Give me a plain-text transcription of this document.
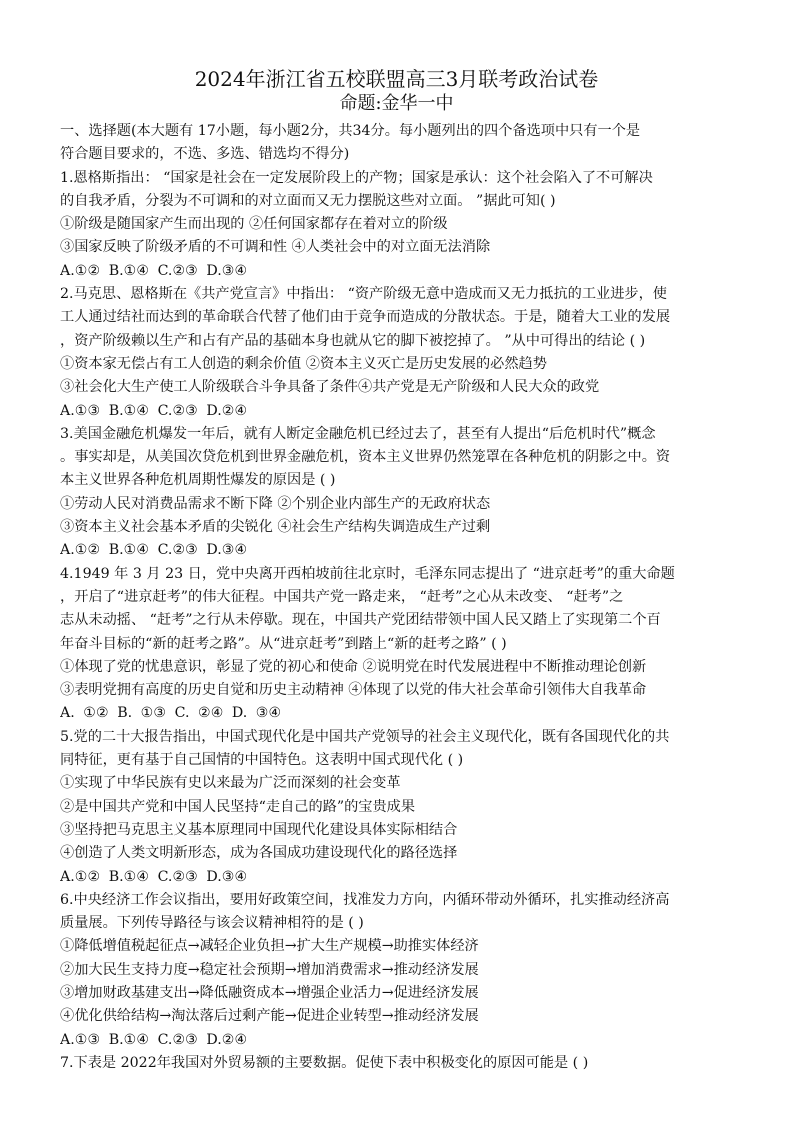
2024年浙江省五校联盟高三3月联考政治试卷
命题:金华一中

一、选择题(本大题有 17小题，每小题2分，共34分。每小题列出的四个备选项中只有一个是

符合题目要求的，不选、多选、错选均不得分)

1.恩格斯指出： “国家是社会在一定发展阶段上的产物；国家是承认：这个社会陷入了不可解决

的自我矛盾，分裂为不可调和的对立面而又无力摆脱这些对立面。 ”据此可知( )

①阶级是随国家产生而出现的 ②任何国家都存在着对立的阶级

③国家反映了阶级矛盾的不可调和性 ④人类社会中的对立面无法消除

A.①② B.①④ C.②③ D.③④

2.马克思、恩格斯在《共产党宣言》中指出： “资产阶级无意中造成而又无力抵抗的工业进步，使

工人通过结社而达到的革命联合代替了他们由于竞争而造成的分散状态。于是，随着大工业的发展

，资产阶级赖以生产和占有产品的基础本身也就从它的脚下被挖掉了。 ”从中可得出的结论 ( )

①资本家无偿占有工人创造的剩余价值 ②资本主义灭亡是历史发展的必然趋势

③社会化大生产使工人阶级联合斗争具备了条件④共产党是无产阶级和人民大众的政党

A.①③ B.①④ C.②③ D.②④

3.美国金融危机爆发一年后，就有人断定金融危机已经过去了，甚至有人提出“后危机时代”概念

。事实却是，从美国次贷危机到世界金融危机，资本主义世界仍然笼罩在各种危机的阴影之中。资

本主义世界各种危机周期性爆发的原因是 ( )

①劳动人民对消费品需求不断下降 ②个别企业内部生产的无政府状态

③资本主义社会基本矛盾的尖锐化 ④社会生产结构失调造成生产过剩

A.①② B.①④ C.②③ D.③④

4.1949 年 3 月 23 日，党中央离开西柏坡前往北京时，毛泽东同志提出了 “进京赶考”的重大命题

，开启了“进京赶考”的伟大征程。中国共产党一路走来， “赶考”之心从未改变、 “赶考”之

志从未动摇、 “赶考”之行从未停歇。现在，中国共产党团结带领中国人民又踏上了实现第二个百

年奋斗目标的“新的赶考之路”。从“进京赶考”到踏上“新的赶考之路” ( )

①体现了党的忧患意识，彰显了党的初心和使命 ②说明党在时代发展进程中不断推动理论创新

③表明党拥有高度的历史自觉和历史主动精神 ④体现了以党的伟大社会革命引领伟大自我革命

A. ①② B. ①③ C. ②④ D. ③④

5.党的二十大报告指出，中国式现代化是中国共产党领导的社会主义现代化，既有各国现代化的共

同特征，更有基于自己国情的中国特色。这表明中国式现代化 ( )

①实现了中华民族有史以来最为广泛而深刻的社会变革

②是中国共产党和中国人民坚持“走自己的路”的宝贵成果

③坚持把马克思主义基本原理同中国现代化建设具体实际相结合

④创造了人类文明新形态，成为各国成功建设现代化的路径选择

A.①② B.①④ C.②③ D.③④

6.中央经济工作会议指出，要用好政策空间，找准发力方向，内循环带动外循环，扎实推动经济高

质量展。下列传导路径与该会议精神相符的是 ( )

①降低增值税起征点→减轻企业负担→扩大生产规模→助推实体经济

②加大民生支持力度→稳定社会预期→增加消费需求→推动经济发展

③增加财政基建支出→降低融资成本→增强企业活力→促进经济发展

④优化供给结构→淘汰落后过剩产能→促进企业转型→推动经济发展

A.①③ B.①④ C.②③ D.②④

7.下表是 2022年我国对外贸易额的主要数据。促使下表中积极变化的原因可能是 ( )
